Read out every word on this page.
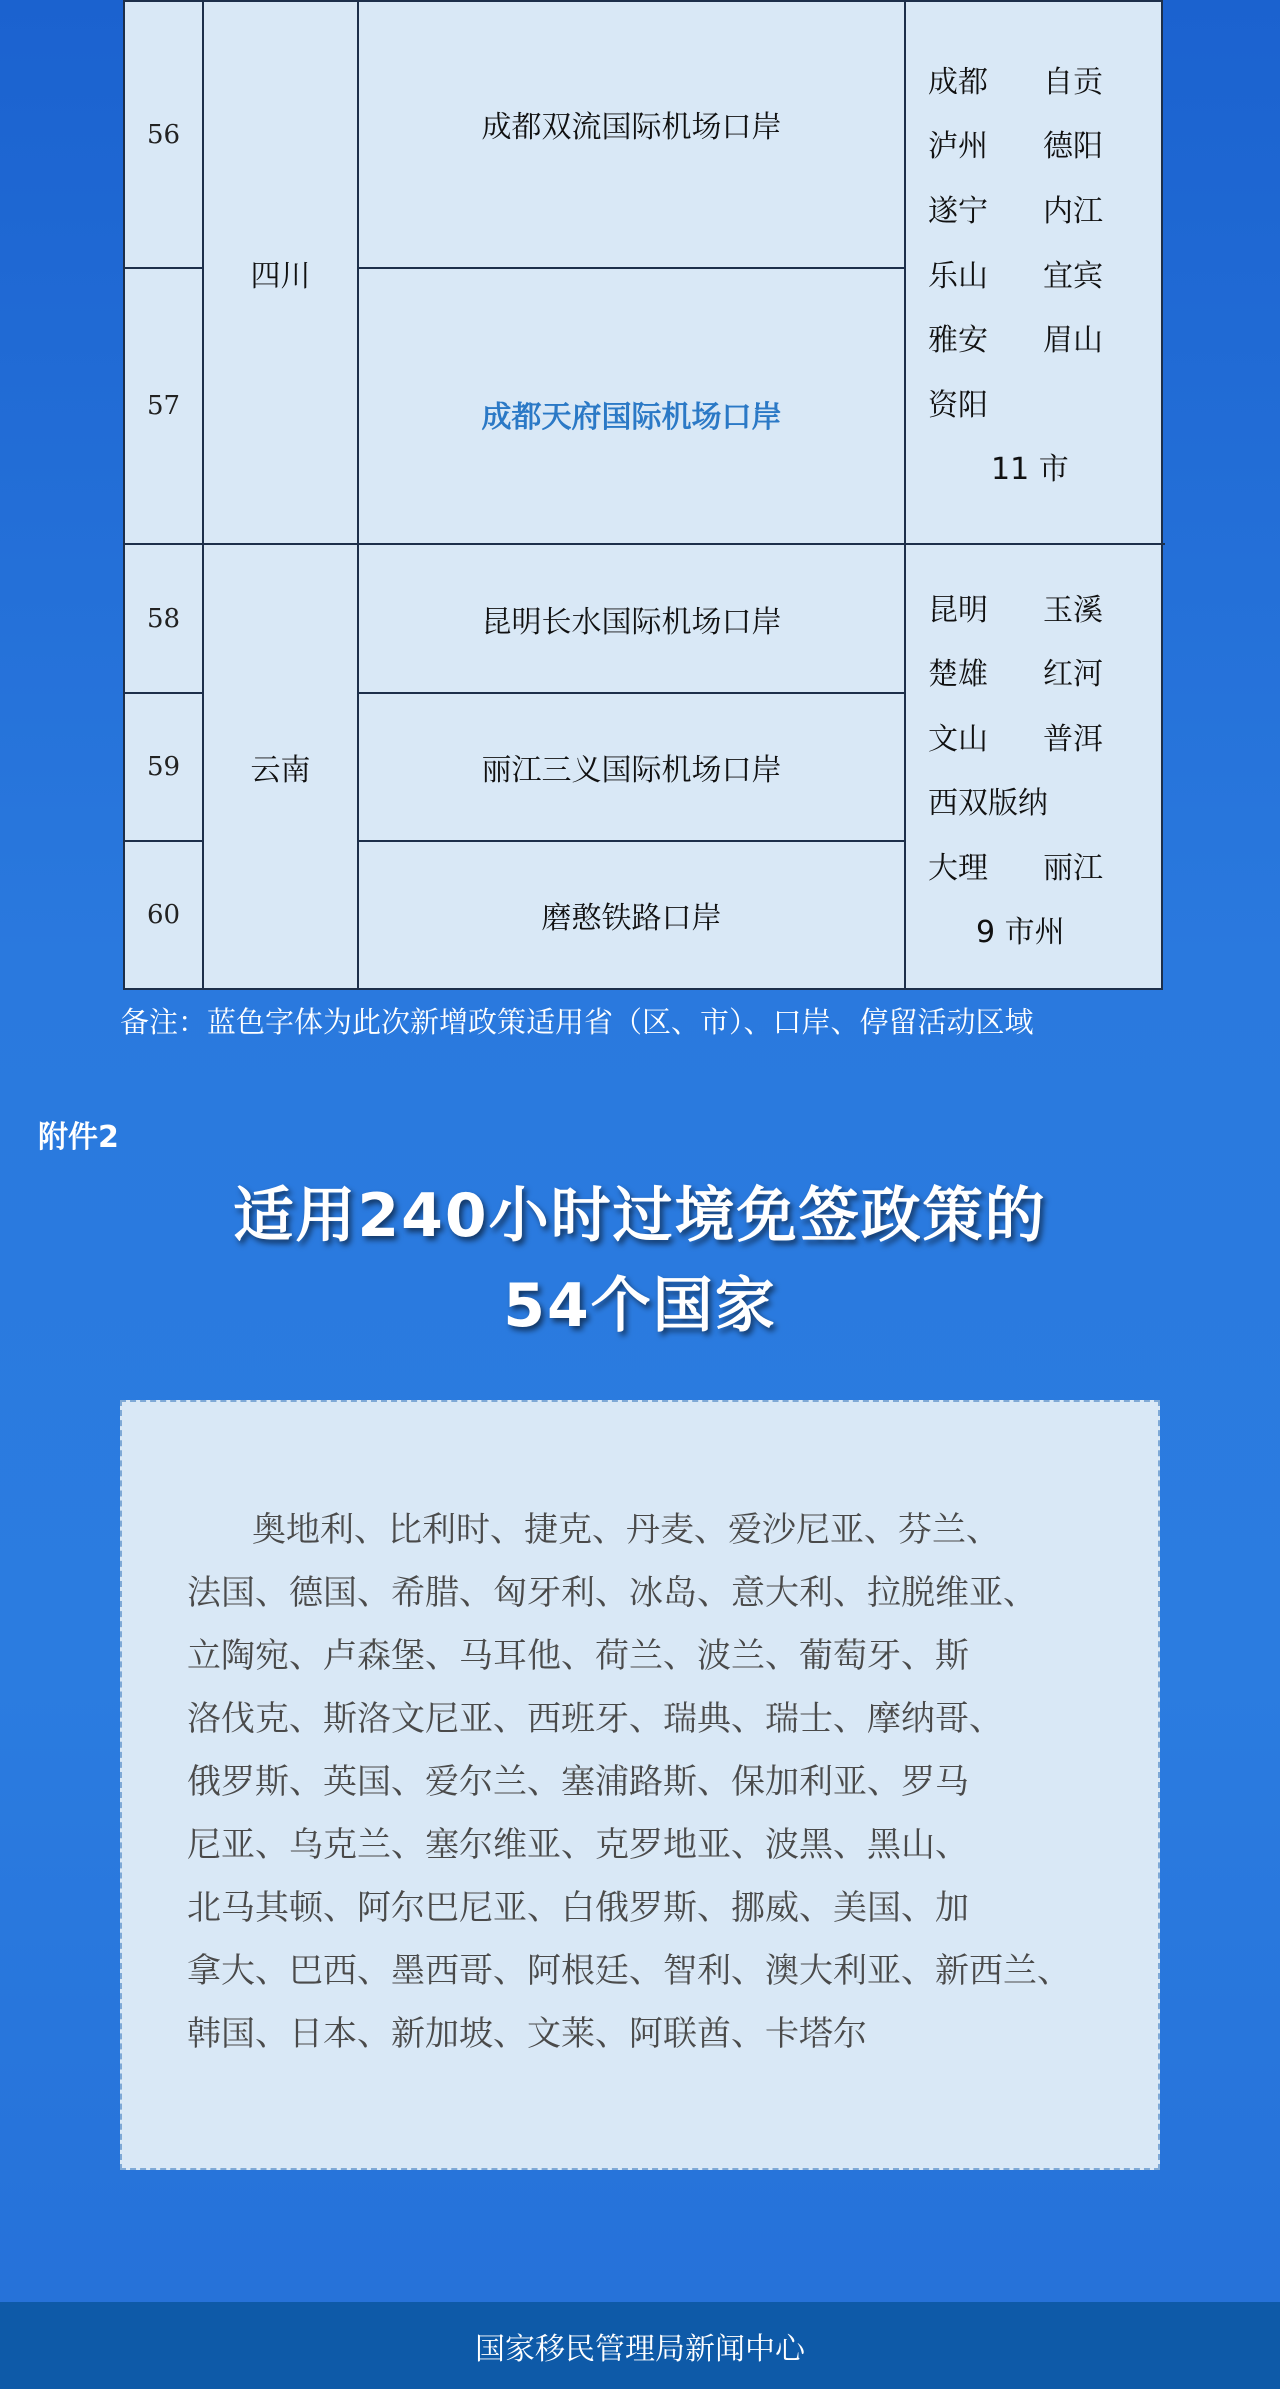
56
57
58
59
60
四川
云南
成都双流国际机场口岸
成都天府国际机场口岸
昆明长水国际机场口岸
丽江三义国际机场口岸
磨憨铁路口岸
成都 自贡
泸州 德阳
遂宁 内江
乐山 宜宾
雅安 眉山
资阳
11 市
昆明 玉溪
楚雄 红河
文山 普洱
西双版纳
大理 丽江
9 市州
备注：蓝色字体为此次新增政策适用省（区、市）、口岸、停留活动区域
附件2
适用240小时过境免签政策的
54个国家
奥地利、比利时、捷克、丹麦、爱沙尼亚、芬兰、
法国、德国、希腊、匈牙利、冰岛、意大利、拉脱维亚、
立陶宛、卢森堡、马耳他、荷兰、波兰、葡萄牙、斯
洛伐克、斯洛文尼亚、西班牙、瑞典、瑞士、摩纳哥、
俄罗斯、英国、爱尔兰、塞浦路斯、保加利亚、罗马
尼亚、乌克兰、塞尔维亚、克罗地亚、波黑、黑山、
北马其顿、阿尔巴尼亚、白俄罗斯、挪威、美国、加
拿大、巴西、墨西哥、阿根廷、智利、澳大利亚、新西兰、
韩国、日本、新加坡、文莱、阿联酋、卡塔尔
国家移民管理局新闻中心
